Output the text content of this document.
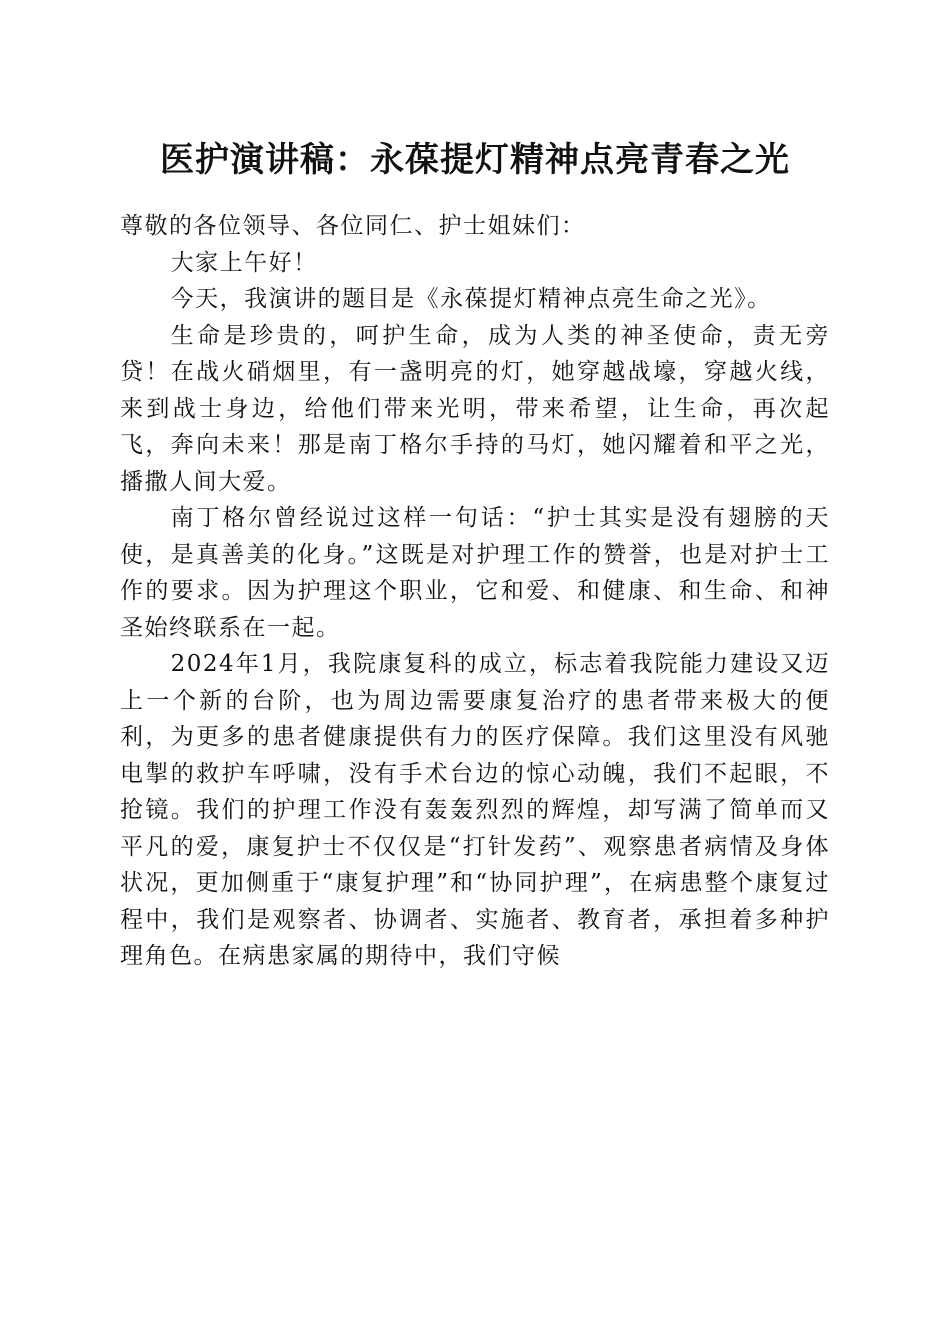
医护演讲稿：永葆提灯精神点亮青春之光

尊敬的各位领导、各位同仁、护士姐妹们：

大家上午好！

今天，我演讲的题目是《永葆提灯精神点亮生命之光》。

生命是珍贵的，呵护生命，成为人类的神圣使命，责无旁贷！在战火硝烟里，有一盏明亮的灯，她穿越战壕，穿越火线，来到战士身边，给他们带来光明，带来希望，让生命，再次起飞，奔向未来！那是南丁格尔手持的马灯，她闪耀着和平之光，播撒人间大爱。

南丁格尔曾经说过这样一句话：“护士其实是没有翅膀的天使，是真善美的化身。”这既是对护理工作的赞誉，也是对护士工作的要求。因为护理这个职业，它和爱、和健康、和生命、和神圣始终联系在一起。

2024年1月，我院康复科的成立，标志着我院能力建设又迈上一个新的台阶，也为周边需要康复治疗的患者带来极大的便利，为更多的患者健康提供有力的医疗保障。我们这里没有风驰电掣的救护车呼啸，没有手术台边的惊心动魄，我们不起眼，不抢镜。我们的护理工作没有轰轰烈烈的辉煌，却写满了简单而又平凡的爱，康复护士不仅仅是“打针发药”、观察患者病情及身体状况，更加侧重于“康复护理”和“协同护理”，在病患整个康复过程中，我们是观察者、协调者、实施者、教育者，承担着多种护理角色。在病患家属的期待中，我们守候
